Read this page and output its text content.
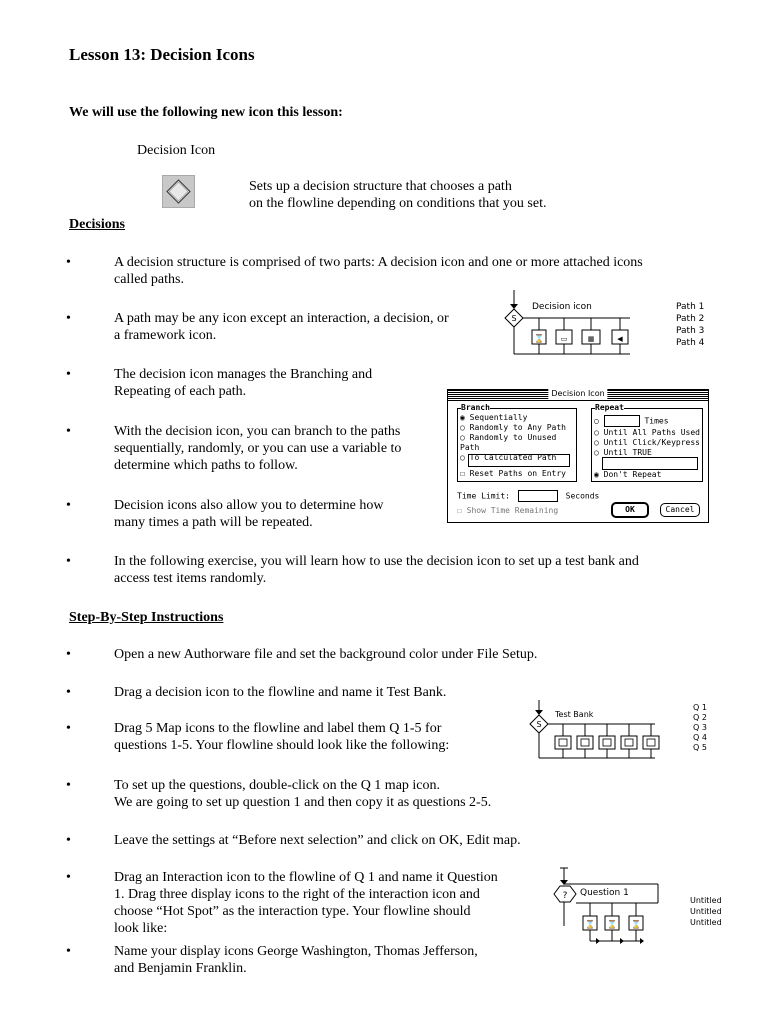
Lesson 13: Decision Icons
We will use the following new icon this lesson:
Decision Icon
Sets up a decision structure that chooses a path
on the flowline depending on conditions that you set.
Decisions
•	A decision structure is comprised of two parts: A decision icon and one or more attached icons
called paths.
•	A path may be any icon except an interaction, a decision, or
a framework icon.
•	The decision icon manages the Branching and
Repeating of each path.
•	With the decision icon, you can branch to the paths
sequentially, randomly, or you can use a variable to
determine which paths to follow.
•	Decision icons also allow you to determine how
many times a path will be repeated.
•	In the following exercise, you will learn how to use the decision icon to set up a test bank and
access test items randomly.
Step-By-Step Instructions
•	Open a new Authorware file and set the background color under File Setup.
•	Drag a decision icon to the flowline and name it Test Bank.
•	Drag 5 Map icons to the flowline and label them Q 1-5 for
questions 1-5. Your flowline should look like the following:
•	To set up the questions, double-click on the Q 1 map icon.
We are going to set up question 1 and then copy it as questions 2-5.
•	Leave the settings at “Before next selection” and click on OK, Edit map.
•	Drag an Interaction icon to the flowline of Q 1 and name it Question
1. Drag three display icons to the right of the interaction icon and
choose “Hot Spot” as the interaction type. Your flowline should
look like:
•	Name your display icons George Washington, Thomas Jefferson,
and Benjamin Franklin.
S
Decision icon
⌛ ▭	▦	◀
Path 1
Path 2
Path 3
Path 4
Decision Icon
Branch
◉ Sequentially
○ Randomly to Any Path
○ Randomly to Unused Path
○ To Calculated Path
☐ Reset Paths on Entry
Repeat
○	Times
○ Until All Paths Used
○ Until Click/Keypress
○ Until TRUE
◉ Don't Repeat
Time Limit:	Seconds
☐ Show Time Remaining	OK	Cancel
S
Test Bank
Q 1
Q 2
Q 3
Q 4
Q 5
? Question 1
⌛ ⌛ ⌛
Untitled
Untitled
Untitled
